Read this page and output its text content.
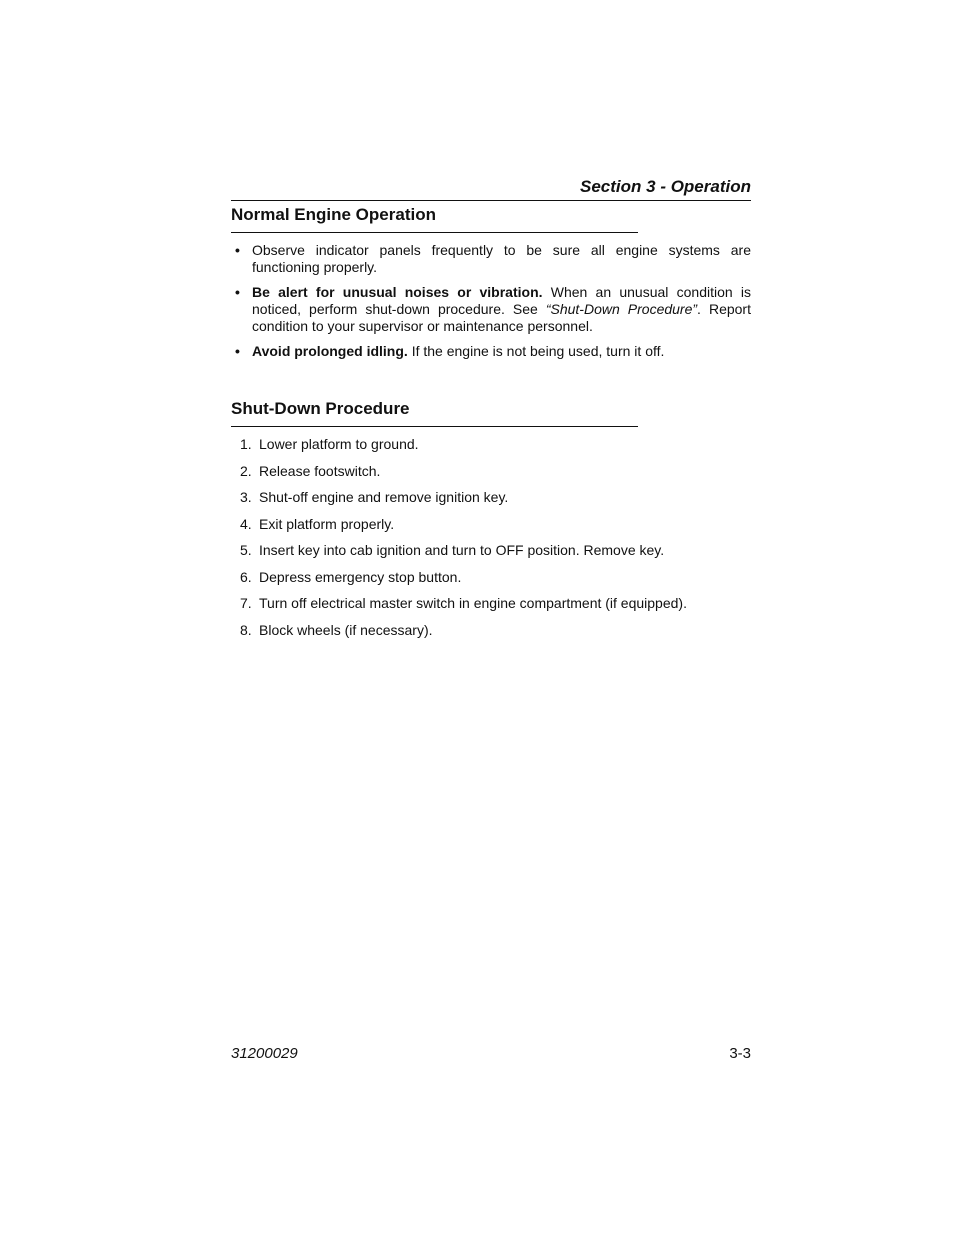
Section 3 - Operation
Normal Engine Operation
• Observe indicator panels frequently to be sure all engine systems are functioning properly.
• Be alert for unusual noises or vibration. When an unusual condition is noticed, perform shut-down procedure. See “Shut-Down Procedure”. Report condition to your supervisor or maintenance personnel.
• Avoid prolonged idling. If the engine is not being used, turn it off.
Shut-Down Procedure
1. Lower platform to ground.
2. Release footswitch.
3. Shut-off engine and remove ignition key.
4. Exit platform properly.
5. Insert key into cab ignition and turn to OFF position. Remove key.
6. Depress emergency stop button.
7. Turn off electrical master switch in engine compartment (if equipped).
8. Block wheels (if necessary).
31200029	3-3
